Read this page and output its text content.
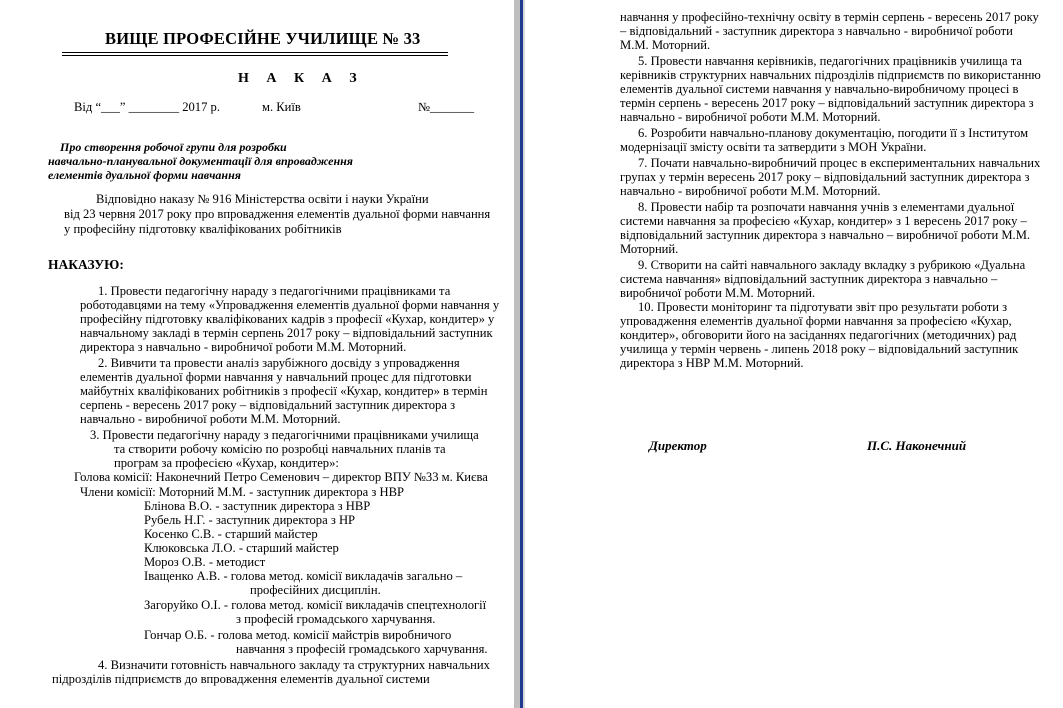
ВИЩЕ ПРОФЕСІЙНЕ УЧИЛИЩЕ № 33
Н А К А З
Від “___” ________ 2017 р.	м. Київ	№_______
Про створення робочої групи для розробки
навчально-планувальної документації для впровадження
елементів дуальної форми навчання
Відповідно наказу № 916 Міністерства освіти і науки України
від 23 червня 2017 року про впровадження елементів дуальної форми навчання
у професійну підготовку кваліфікованих робітників
НАКАЗУЮ:
1. Провести педагогічну нараду з педагогічними працівниками та
роботодавцями на тему «Упровадження елементів дуальної форми навчання у
професійну підготовку кваліфікованих кадрів з професії «Кухар, кондитер» у
навчальному закладі в термін серпень 2017 року – відповідальний заступник
директора з навчально - виробничої роботи М.М. Моторний.
2. Вивчити та провести аналіз зарубіжного досвіду з упровадження
елементів дуальної форми навчання у навчальний процес для підготовки
майбутніх кваліфікованих робітників з професії «Кухар, кондитер» в термін
серпень - вересень 2017 року – відповідальний заступник директора з
навчально - виробничої роботи М.М. Моторний.
3. Провести педагогічну нараду з педагогічними працівниками училища
та створити робочу комісію по розробці навчальних планів та
програм за професією «Кухар, кондитер»:
Голова комісії: Наконечний Петро Семенович – директор ВПУ №33 м. Києва
Члени комісії: Моторний М.М. - заступник директора з НВР
Блінова В.О. - заступник директора з НВР
Рубель Н.Г. - заступник директора з НР
Косенко С.В. - старший майстер
Клюковська Л.О. - старший майстер
Мороз О.В. - методист
Іващенко А.В. - голова метод. комісії викладачів загально –
професійних дисциплін.
Загоруйко О.І. - голова метод. комісії викладачів спецтехнології
з професій громадського харчування.
Гончар О.Б. - голова метод. комісії майстрів виробничого
навчання з професій громадського харчування.
4. Визначити готовність навчального закладу та структурних навчальних
підрозділів підприємств до впровадження елементів дуальної системи
навчання у професійно-технічну освіту в термін серпень - вересень 2017 року
– відповідальний - заступник директора з навчально - виробничої роботи
М.М. Моторний.
5. Провести навчання керівників, педагогічних працівників училища та
керівників структурних навчальних підрозділів підприємств по використанню
елементів дуальної системи навчання у навчально-виробничому процесі в
термін серпень - вересень 2017 року – відповідальний заступник директора з
навчально - виробничої роботи М.М. Моторний.
6. Розробити навчально-планову документацію, погодити її з Інститутом
модернізації змісту освіти та затвердити з МОН України.
7. Почати навчально-виробничий процес в експериментальних навчальних
групах у термін вересень 2017 року – відповідальний заступник директора з
навчально - виробничої роботи М.М. Моторний.
8. Провести набір та розпочати навчання учнів з елементами дуальної
системи навчання за професією «Кухар, кондитер» з 1 вересень 2017 року –
відповідальний заступник директора з навчально – виробничої роботи М.М.
Моторний.
9. Створити на сайті навчального закладу вкладку з рубрикою «Дуальна
система навчання» відповідальний заступник директора з навчально –
виробничої роботи М.М. Моторний.
10. Провести моніторинг та підготувати звіт про результати роботи з
упровадження елементів дуальної форми навчання за професією «Кухар,
кондитер», обговорити його на засіданнях педагогічних (методичних) рад
училища у термін червень - липень 2018 року – відповідальний заступник
директора з НВР М.М. Моторний.
Директор	П.С. Наконечний
